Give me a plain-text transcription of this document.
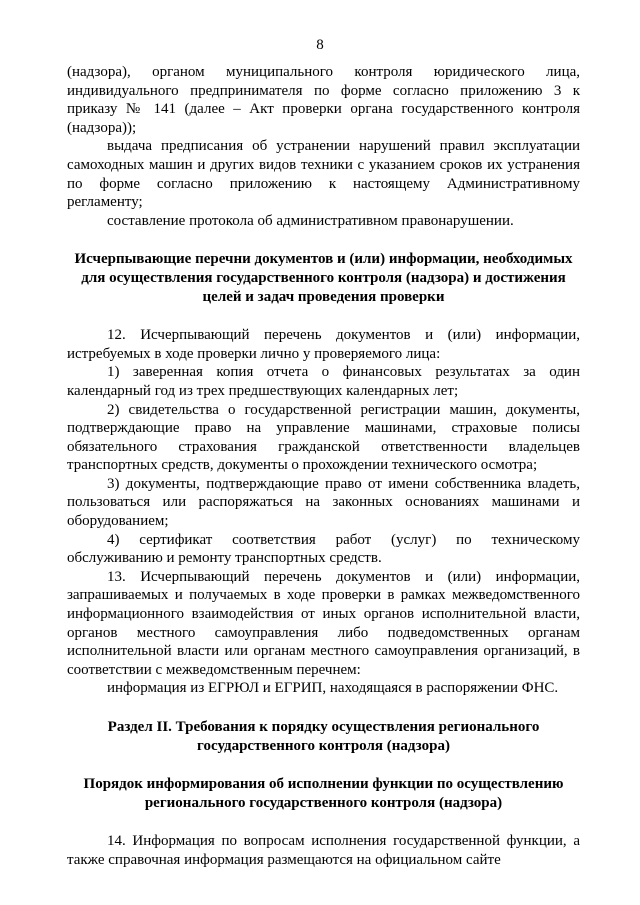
8

(надзора), органом муниципального контроля юридического лица, индивидуального предпринимателя по форме согласно приложению 3 к приказу № 141 (далее – Акт проверки органа государственного контроля (надзора));

выдача предписания об устранении нарушений правил эксплуатации самоходных машин и других видов техники с указанием сроков их устранения по форме согласно приложению к настоящему Административному регламенту;

составление протокола об административном правонарушении.

Исчерпывающие перечни документов и (или) информации, необходимых для осуществления государственного контроля (надзора) и достижения целей и задач проведения проверки

12. Исчерпывающий перечень документов и (или) информации, истребуемых в ходе проверки лично у проверяемого лица:

1) заверенная копия отчета о финансовых результатах за один календарный год из трех предшествующих календарных лет;

2) свидетельства о государственной регистрации машин, документы, подтверждающие право на управление машинами, страховые полисы обязательного страхования гражданской ответственности владельцев транспортных средств, документы о прохождении технического осмотра;

3) документы, подтверждающие право от имени собственника владеть, пользоваться или распоряжаться на законных основаниях машинами и оборудованием;

4) сертификат соответствия работ (услуг) по техническому обслуживанию и ремонту транспортных средств.

13. Исчерпывающий перечень документов и (или) информации, запрашиваемых и получаемых в ходе проверки в рамках межведомственного информационного взаимодействия от иных органов исполнительной власти, органов местного самоуправления либо подведомственных органам исполнительной власти или органам местного самоуправления организаций, в соответствии с межведомственным перечнем:

информация из ЕГРЮЛ и ЕГРИП, находящаяся в распоряжении ФНС.

Раздел II. Требования к порядку осуществления регионального государственного контроля (надзора)
Порядок информирования об исполнении функции по осуществлению регионального государственного контроля (надзора)

14. Информация по вопросам исполнения государственной функции, а также справочная информация размещаются на официальном сайте
